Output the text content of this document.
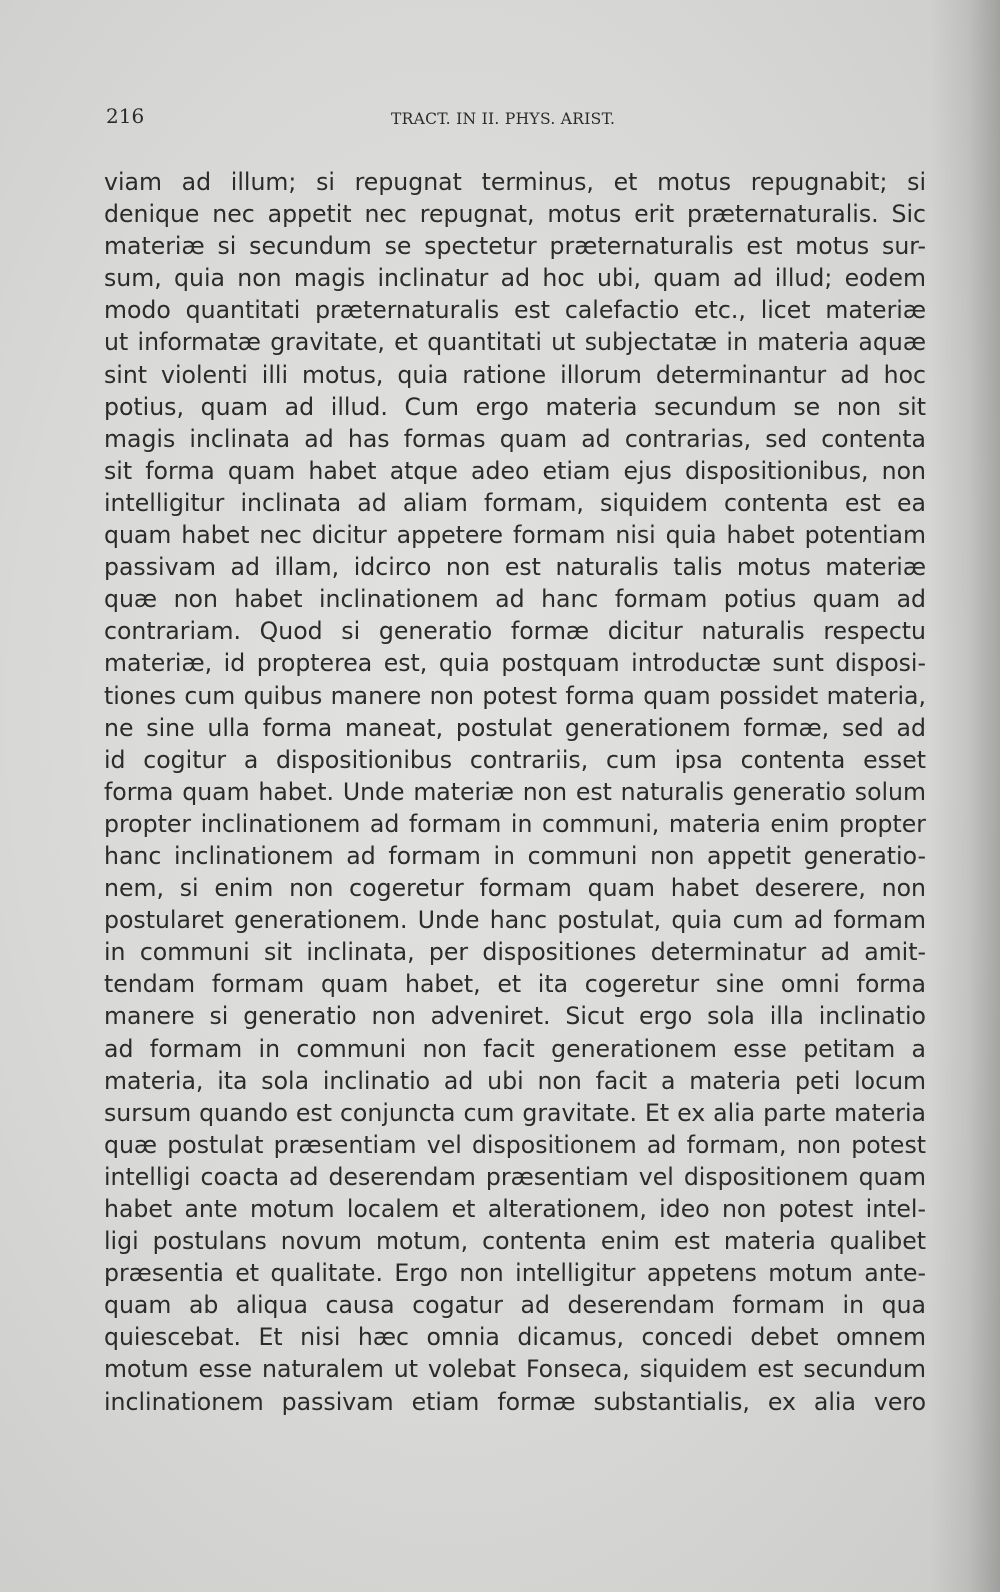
216	TRACT. IN II. PHYS. ARIST.
viam ad illum; si repugnat terminus, et motus repugnabit; si
denique nec appetit nec repugnat, motus erit præternaturalis. Sic
materiæ si secundum se spectetur præternaturalis est motus sur-
sum, quia non magis inclinatur ad hoc ubi, quam ad illud; eodem
modo quantitati præternaturalis est calefactio etc., licet materiæ
ut informatæ gravitate, et quantitati ut subjectatæ in materia aquæ
sint violenti illi motus, quia ratione illorum determinantur ad hoc
potius, quam ad illud. Cum ergo materia secundum se non sit
magis inclinata ad has formas quam ad contrarias, sed contenta
sit forma quam habet atque adeo etiam ejus dispositionibus, non
intelligitur inclinata ad aliam formam, siquidem contenta est ea
quam habet nec dicitur appetere formam nisi quia habet potentiam
passivam ad illam, idcirco non est naturalis talis motus materiæ
quæ non habet inclinationem ad hanc formam potius quam ad
contrariam. Quod si generatio formæ dicitur naturalis respectu
materiæ, id propterea est, quia postquam introductæ sunt disposi-
tiones cum quibus manere non potest forma quam possidet materia,
ne sine ulla forma maneat, postulat generationem formæ, sed ad
id cogitur a dispositionibus contrariis, cum ipsa contenta esset
forma quam habet. Unde materiæ non est naturalis generatio solum
propter inclinationem ad formam in communi, materia enim propter
hanc inclinationem ad formam in communi non appetit generatio-
nem, si enim non cogeretur formam quam habet deserere, non
postularet generationem. Unde hanc postulat, quia cum ad formam
in communi sit inclinata, per dispositiones determinatur ad amit-
tendam formam quam habet, et ita cogeretur sine omni forma
manere si generatio non adveniret. Sicut ergo sola illa inclinatio
ad formam in communi non facit generationem esse petitam a
materia, ita sola inclinatio ad ubi non facit a materia peti locum
sursum quando est conjuncta cum gravitate. Et ex alia parte materia
quæ postulat præsentiam vel dispositionem ad formam, non potest
intelligi coacta ad deserendam præsentiam vel dispositionem quam
habet ante motum localem et alterationem, ideo non potest intel-
ligi postulans novum motum, contenta enim est materia qualibet
præsentia et qualitate. Ergo non intelligitur appetens motum ante-
quam ab aliqua causa cogatur ad deserendam formam in qua
quiescebat. Et nisi hæc omnia dicamus, concedi debet omnem
motum esse naturalem ut volebat Fonseca, siquidem est secundum
inclinationem passivam etiam formæ substantialis, ex alia vero
